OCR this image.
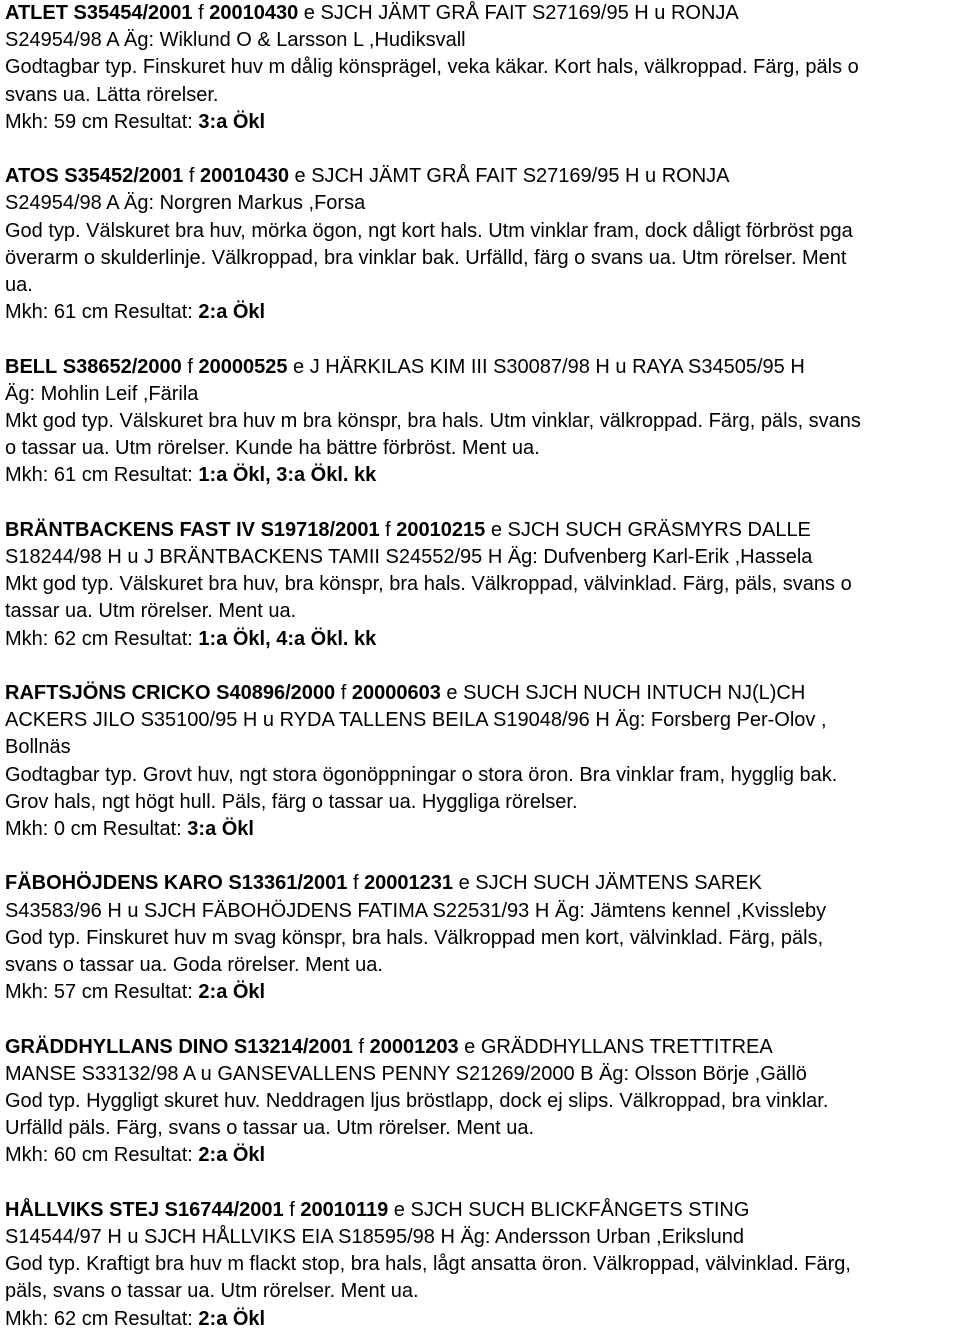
ATLET S35454/2001 f 20010430 e SJCH JÄMT GRÅ FAIT S27169/95 H u RONJA
S24954/98 A Äg: Wiklund O & Larsson L ,Hudiksvall
Godtagbar typ. Finskuret huv m dålig könsprägel, veka käkar. Kort hals, välkroppad. Färg, päls o
svans ua. Lätta rörelser.
Mkh: 59 cm Resultat: 3:a Ökl
ATOS S35452/2001 f 20010430 e SJCH JÄMT GRÅ FAIT S27169/95 H u RONJA
S24954/98 A Äg: Norgren Markus ,Forsa
God typ. Välskuret bra huv, mörka ögon, ngt kort hals. Utm vinklar fram, dock dåligt förbröst pga
överarm o skulderlinje. Välkroppad, bra vinklar bak. Urfälld, färg o svans ua. Utm rörelser. Ment
ua.
Mkh: 61 cm Resultat: 2:a Ökl
BELL S38652/2000 f 20000525 e J HÄRKILAS KIM III S30087/98 H u RAYA S34505/95 H
Äg: Mohlin Leif ,Färila
Mkt god typ. Välskuret bra huv m bra könspr, bra hals. Utm vinklar, välkroppad. Färg, päls, svans
o tassar ua. Utm rörelser. Kunde ha bättre förbröst. Ment ua.
Mkh: 61 cm Resultat: 1:a Ökl, 3:a Ökl. kk
BRÄNTBACKENS FAST IV S19718/2001 f 20010215 e SJCH SUCH GRÄSMYRS DALLE
S18244/98 H u J BRÄNTBACKENS TAMII S24552/95 H Äg: Dufvenberg Karl-Erik ,Hassela
Mkt god typ. Välskuret bra huv, bra könspr, bra hals. Välkroppad, välvinklad. Färg, päls, svans o
tassar ua. Utm rörelser. Ment ua.
Mkh: 62 cm Resultat: 1:a Ökl, 4:a Ökl. kk
RAFTSJÖNS CRICKO S40896/2000 f 20000603 e SUCH SJCH NUCH INTUCH NJ(L)CH
ACKERS JILO S35100/95 H u RYDA TALLENS BEILA S19048/96 H Äg: Forsberg Per-Olov ,
Bollnäs
Godtagbar typ. Grovt huv, ngt stora ögonöppningar o stora öron. Bra vinklar fram, hygglig bak.
Grov hals, ngt högt hull. Päls, färg o tassar ua. Hyggliga rörelser.
Mkh: 0 cm Resultat: 3:a Ökl
FÄBOHÖJDENS KARO S13361/2001 f 20001231 e SJCH SUCH JÄMTENS SAREK
S43583/96 H u SJCH FÄBOHÖJDENS FATIMA S22531/93 H Äg: Jämtens kennel ,Kvissleby
God typ. Finskuret huv m svag könspr, bra hals. Välkroppad men kort, välvinklad. Färg, päls,
svans o tassar ua. Goda rörelser. Ment ua.
Mkh: 57 cm Resultat: 2:a Ökl
GRÄDDHYLLANS DINO S13214/2001 f 20001203 e GRÄDDHYLLANS TRETTITREA
MANSE S33132/98 A u GANSEVALLENS PENNY S21269/2000 B Äg: Olsson Börje ,Gällö
God typ. Hyggligt skuret huv. Neddragen ljus bröstlapp, dock ej slips. Välkroppad, bra vinklar.
Urfälld päls. Färg, svans o tassar ua. Utm rörelser. Ment ua.
Mkh: 60 cm Resultat: 2:a Ökl
HÅLLVIKS STEJ S16744/2001 f 20010119 e SJCH SUCH BLICKFÅNGETS STING
S14544/97 H u SJCH HÅLLVIKS EIA S18595/98 H Äg: Andersson Urban ,Erikslund
God typ. Kraftigt bra huv m flackt stop, bra hals, lågt ansatta öron. Välkroppad, välvinklad. Färg,
päls, svans o tassar ua. Utm rörelser. Ment ua.
Mkh: 62 cm Resultat: 2:a Ökl
